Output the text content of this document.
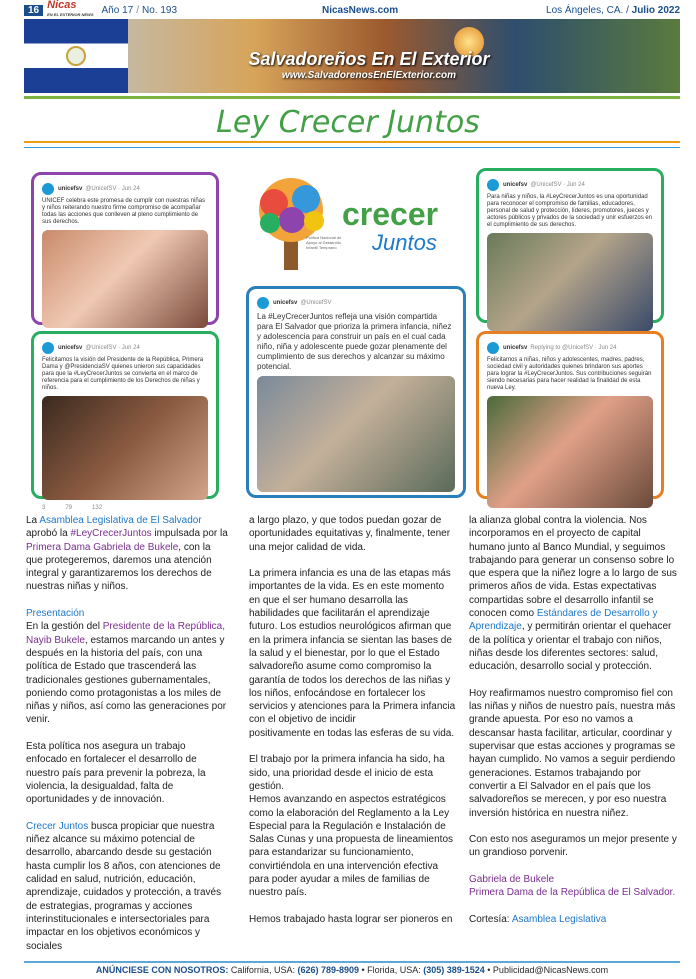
16 Nicas
EN EL EXTERIOR NEWS Año 17 / No. 193	NicasNews.com	Los Ángeles, CA. / Julio 2022
Salvadoreños En El Exterior
www.SalvadorenosEnElExterior.com
Ley Crecer Juntos
unicefsv @UnicefSV · Jun 24
UNICEF celebra este promesa de cumplir con nuestras niñas y niños reiterando nuestro firme compromiso de acompañar todas las acciones que conlleven al pleno cumplimiento de sus derechos.
unicefsv @UnicefSV · Jun 24
Felicitamos la visión del Presidente de la República, Primera Dama y @PresidenciaSV quienes unieron sus capacidades para que la #LeyCrecerJuntos se convierta en el marco de referencia para el cumplimiento de los Derechos de niñas y niños.
3	79	132
Política Nacional de Apoyo al Desarrollo Infantil Temprano
crecer
Juntos
unicefsv @UnicefSV
La #LeyCrecerJuntos refleja una visión compartida para El Salvador que prioriza la primera infancia, niñez y adolescencia para construir un país en el cual cada niño, niña y adolescente puede gozar plenamente del cumplimiento de sus derechos y alcanzar su máximo potencial.
unicefsv @UnicefSV · Jun 24
Para niñas y niños, la #LeyCrecerJuntos es una oportunidad para reconocer el compromiso de familias, educadores, personal de salud y protección, líderes, promotores, jueces y actores públicos y privados de la sociedad y unir esfuerzos en el cumplimiento de sus derechos.
unicefsv Replying to @UnicefSV · Jun 24
Felicitamos a niñas, niños y adolescentes, madres, padres, sociedad civil y autoridades quienes brindaron sus aportes para lograr la #LeyCrecerJuntos. Sus contribuciones seguirán siendo necesarias para hacer realidad la finalidad de esta nueva Ley.

La Asamblea Legislativa de El Salvador aprobó la #LeyCrecerJuntos impulsada por la Primera Dama Gabriela de Bukele, con la que protegeremos, daremos una atención integral y garantizaremos los derechos de nuestras niñas y niños.

Presentación

En la gestión del Presidente de la República, Nayib Bukele, estamos marcando un antes y después en la historia del país, con una política de Estado que trascenderá las tradicionales gestiones gubernamentales, poniendo como protagonistas a los miles de niñas y niños, así como las generaciones por venir.

Esta política nos asegura un trabajo enfocado en fortalecer el desarrollo de nuestro país para prevenir la pobreza, la violencia, la desigualdad, falta de oportunidades y de innovación.

Crecer Juntos busca propiciar que nuestra niñez alcance su máximo potencial de desarrollo, abarcando desde su gestación hasta cumplir los 8 años, con atenciones de calidad en salud, nutrición, educación, aprendizaje, cuidados y protección, a través de estrategias, programas y acciones interinstitucionales e intersectoriales para impactar en los objetivos económicos y sociales

a largo plazo, y que todos puedan gozar de oportunidades equitativas y, finalmente, tener una mejor calidad de vida.

La primera infancia es una de las etapas más importantes de la vida. Es en este momento en que el ser humano desarrolla las habilidades que facilitarán el aprendizaje futuro. Los estudios neurológicos afirman que en la primera infancia se sientan las bases de la salud y el bienestar, por lo que el Estado salvadoreño asume como compromiso la garantía de todos los derechos de las niñas y los niños, enfocándose en fortalecer los servicios y atenciones para la Primera infancia con el objetivo de incidir

positivamente en todas las esferas de su vida.

El trabajo por la primera infancia ha sido, ha sido, una prioridad desde el inicio de esta gestión.

Hemos avanzando en aspectos estratégicos como la elaboración del Reglamento a la Ley Especial para la Regulación e Instalación de Salas Cunas y una propuesta de lineamientos para estandarizar su funcionamiento, convirtiéndola en una intervención efectiva para poder ayudar a miles de familias de nuestro país.

Hemos trabajado hasta lograr ser pioneros en

la alianza global contra la violencia. Nos incorporamos en el proyecto de capital humano junto al Banco Mundial, y seguimos trabajando para generar un consenso sobre lo que espera que la niñez logre a lo largo de sus primeros años de vida. Estas expectativas compartidas sobre el desarrollo infantil se conocen como Estándares de Desarrollo y Aprendizaje, y permitirán orientar el quehacer de la política y orientar el trabajo con niños, niñas desde los diferentes sectores: salud, educación, desarrollo social y protección.

Hoy reafirmamos nuestro compromiso fiel con las niñas y niños de nuestro país, nuestra más grande apuesta. Por eso no vamos a descansar hasta facilitar, articular, coordinar y supervisar que estas acciones y programas se hayan cumplido. No vamos a seguir perdiendo generaciones. Estamos trabajando por convertir a El Salvador en el país que los salvadoreños se merecen, y por eso nuestra inversión histórica en nuestra niñez.

Con esto nos aseguramos un mejor presente y un grandioso porvenir.

Gabriela de Bukele

Primera Dama de la República de El Salvador.

Cortesía: Asamblea Legislativa

ANÚNCIESE CON NOSOTROS: California, USA: (626) 789-8909 • Florida, USA: (305) 389-1524 • Publicidad@NicasNews.com
